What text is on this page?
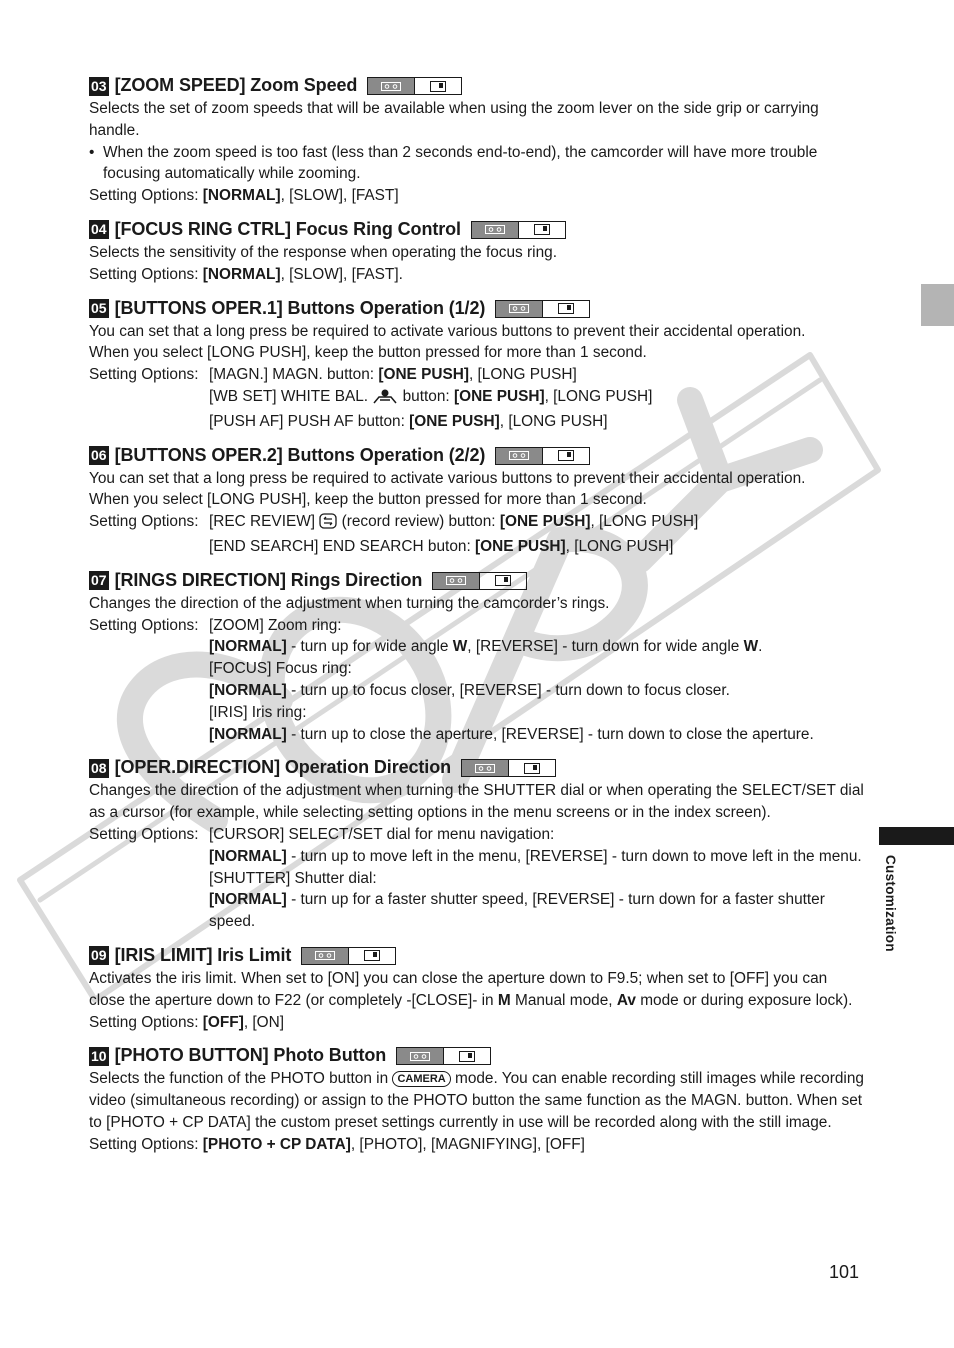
Customization
03 [ZOOM SPEED] Zoom Speed

Selects the set of zoom speeds that will be available when using the zoom lever on the side grip or carrying handle.

• When the zoom speed is too fast (less than 2 seconds end-to-end), the camcorder will have more trouble focusing automatically while zooming.

Setting Options: [NORMAL], [SLOW], [FAST]

04 [FOCUS RING CTRL] Focus Ring Control

Selects the sensitivity of the response when operating the focus ring.

Setting Options: [NORMAL], [SLOW], [FAST].

05 [BUTTONS OPER.1] Buttons Operation (1/2)

You can set that a long press be required to activate various buttons to prevent their accidental operation.

When you select [LONG PUSH], keep the button pressed for more than 1 second.

Setting Options: [MAGN.] MAGN. button: [ONE PUSH], [LONG PUSH]

[WB SET] WHITE BAL.  button: [ONE PUSH], [LONG PUSH]

[PUSH AF] PUSH AF button: [ONE PUSH], [LONG PUSH]

06 [BUTTONS OPER.2] Buttons Operation (2/2)

You can set that a long press be required to activate various buttons to prevent their accidental operation.

When you select [LONG PUSH], keep the button pressed for more than 1 second.

Setting Options: [REC REVIEW]  (record review) button: [ONE PUSH], [LONG PUSH]

[END SEARCH] END SEARCH buton: [ONE PUSH], [LONG PUSH]

07 [RINGS DIRECTION] Rings Direction

Changes the direction of the adjustment when turning the camcorder’s rings.

Setting Options: [ZOOM] Zoom ring:

[NORMAL] - turn up for wide angle W, [REVERSE] - turn down for wide angle W.

[FOCUS] Focus ring:

[NORMAL] - turn up to focus closer, [REVERSE] - turn down to focus closer.

[IRIS] Iris ring:

[NORMAL] - turn up to close the aperture, [REVERSE] - turn down to close the aperture.

08 [OPER.DIRECTION] Operation Direction

Changes the direction of the adjustment when turning the SHUTTER dial or when operating the SELECT/SET dial as a cursor (for example, while selecting setting options in the menu screens or in the index screen).

Setting Options: [CURSOR] SELECT/SET dial for menu navigation:

[NORMAL] - turn up to move left in the menu, [REVERSE] - turn down to move left in the menu.

[SHUTTER] Shutter dial:

[NORMAL] - turn up for a faster shutter speed, [REVERSE] - turn down for a faster shutter speed.

09 [IRIS LIMIT] Iris Limit

Activates the iris limit. When set to [ON] you can close the aperture down to F9.5; when set to [OFF] you can close the aperture down to F22 (or completely -[CLOSE]- in M Manual mode, Av mode or during exposure lock).

Setting Options: [OFF], [ON]

10 [PHOTO BUTTON] Photo Button

Selects the function of the PHOTO button in CAMERA mode. You can enable recording still images while recording video (simultaneous recording) or assign to the PHOTO button the same function as the MAGN. button. When set to [PHOTO + CP DATA] the custom preset settings currently in use will be recorded along with the still image.

Setting Options: [PHOTO + CP DATA], [PHOTO], [MAGNIFYING], [OFF]

101
